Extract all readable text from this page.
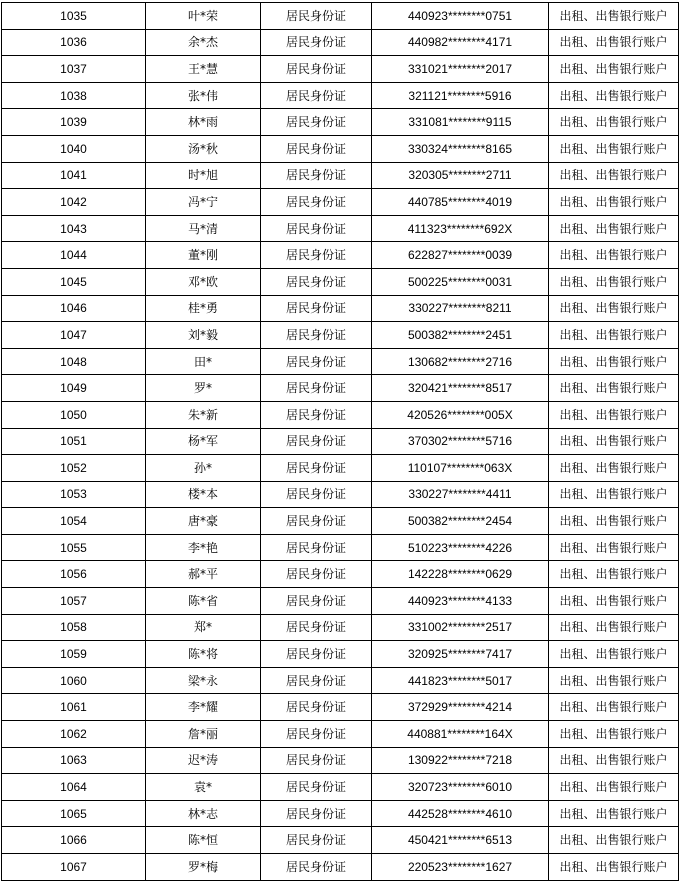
1035	叶*荣	居民身份证	440923********0751	出租、出售银行账户
1036	余*杰	居民身份证	440982********4171	出租、出售银行账户
1037	王*慧	居民身份证	331021********2017	出租、出售银行账户
1038	张*伟	居民身份证	321121********5916	出租、出售银行账户
1039	林*雨	居民身份证	331081********9115	出租、出售银行账户
1040	汤*秋	居民身份证	330324********8165	出租、出售银行账户
1041	时*旭	居民身份证	320305********2711	出租、出售银行账户
1042	冯*宁	居民身份证	440785********4019	出租、出售银行账户
1043	马*清	居民身份证	411323********692X	出租、出售银行账户
1044	董*刚	居民身份证	622827********0039	出租、出售银行账户
1045	邓*欧	居民身份证	500225********0031	出租、出售银行账户
1046	桂*勇	居民身份证	330227********8211	出租、出售银行账户
1047	刘*毅	居民身份证	500382********2451	出租、出售银行账户
1048	田*	居民身份证	130682********2716	出租、出售银行账户
1049	罗*	居民身份证	320421********8517	出租、出售银行账户
1050	朱*新	居民身份证	420526********005X	出租、出售银行账户
1051	杨*军	居民身份证	370302********5716	出租、出售银行账户
1052	孙*	居民身份证	110107********063X	出租、出售银行账户
1053	楼*本	居民身份证	330227********4411	出租、出售银行账户
1054	唐*豪	居民身份证	500382********2454	出租、出售银行账户
1055	李*艳	居民身份证	510223********4226	出租、出售银行账户
1056	郝*平	居民身份证	142228********0629	出租、出售银行账户
1057	陈*省	居民身份证	440923********4133	出租、出售银行账户
1058	郑*	居民身份证	331002********2517	出租、出售银行账户
1059	陈*将	居民身份证	320925********7417	出租、出售银行账户
1060	梁*永	居民身份证	441823********5017	出租、出售银行账户
1061	李*耀	居民身份证	372929********4214	出租、出售银行账户
1062	詹*丽	居民身份证	440881********164X	出租、出售银行账户
1063	迟*涛	居民身份证	130922********7218	出租、出售银行账户
1064	袁*	居民身份证	320723********6010	出租、出售银行账户
1065	林*志	居民身份证	442528********4610	出租、出售银行账户
1066	陈*恒	居民身份证	450421********6513	出租、出售银行账户
1067	罗*梅	居民身份证	220523********1627	出租、出售银行账户
